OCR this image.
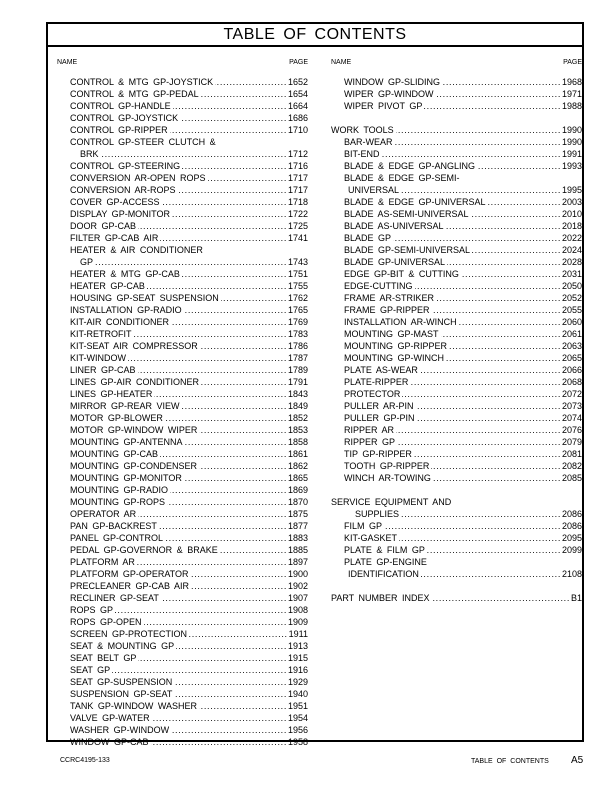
TABLE OF CONTENTS
NAME	PAGE
CONTROL & MTG GP-JOYSTICK . . .	1652
CONTROL & MTG GP-PEDAL . . .	1654
CONTROL GP-HANDLE . . .	1664
CONTROL GP-JOYSTICK . . .	1686
CONTROL GP-RIPPER . . .	1710
CONTROL GP-STEER CLUTCH &
BRK . . .	1712
CONTROL GP-STEERING . . .	1716
CONVERSION AR-OPEN ROPS . . .	1717
CONVERSION AR-ROPS . . .	1717
COVER GP-ACCESS . . .	1718
DISPLAY GP-MONITOR . . .	1722
DOOR GP-CAB . . .	1725
FILTER GP-CAB AIR . . .	1741
HEATER & AIR CONDITIONER
GP . . .	1743
HEATER & MTG GP-CAB . . .	1751
HEATER GP-CAB . . .	1755
HOUSING GP-SEAT SUSPENSION . . .	1762
INSTALLATION GP-RADIO . . .	1765
KIT-AIR CONDITIONER . . .	1769
KIT-RETROFIT . . .	1783
KIT-SEAT AIR COMPRESSOR . . .	1786
KIT-WINDOW . . .	1787
LINER GP-CAB . . .	1789
LINES GP-AIR CONDITIONER . . .	1791
LINES GP-HEATER . . .	1843
MIRROR GP-REAR VIEW . . .	1849
MOTOR GP-BLOWER . . .	1852
MOTOR GP-WINDOW WIPER . . .	1853
MOUNTING GP-ANTENNA . . .	1858
MOUNTING GP-CAB . . .	1861
MOUNTING GP-CONDENSER . . .	1862
MOUNTING GP-MONITOR . . .	1865
MOUNTING GP-RADIO . . .	1869
MOUNTING GP-ROPS . . .	1870
OPERATOR AR . . .	1875
PAN GP-BACKREST . . .	1877
PANEL GP-CONTROL . . .	1883
PEDAL GP-GOVERNOR & BRAKE . . .	1885
PLATFORM AR . . .	1897
PLATFORM GP-OPERATOR . . .	1900
PRECLEANER GP-CAB AIR . . .	1902
RECLINER GP-SEAT . . .	1907
ROPS GP . . .	1908
ROPS GP-OPEN . . .	1909
SCREEN GP-PROTECTION . . .	1911
SEAT & MOUNTING GP . . .	1913
SEAT BELT GP . . .	1915
SEAT GP . . .	1916
SEAT GP-SUSPENSION . . .	1929
SUSPENSION GP-SEAT . . .	1940
TANK GP-WINDOW WASHER . . .	1951
VALVE GP-WATER . . .	1954
WASHER GP-WINDOW . . .	1956
WINDOW GP-CAB . . .	1958
NAME	PAGE
WINDOW GP-SLIDING . . .	1968
WIPER GP-WINDOW . . .	1971
WIPER PIVOT GP . . .	1988
WORK TOOLS . . .	1990
BAR-WEAR . . .	1990
BIT-END . . .	1991
BLADE & EDGE GP-ANGLING . . .	1993
BLADE & EDGE GP-SEMI-
UNIVERSAL . . .	1995
BLADE & EDGE GP-UNIVERSAL . . .	2003
BLADE AS-SEMI-UNIVERSAL . . .	2010
BLADE AS-UNIVERSAL . . .	2018
BLADE GP . . .	2022
BLADE GP-SEMI-UNIVERSAL . . .	2024
BLADE GP-UNIVERSAL . . .	2028
EDGE GP-BIT & CUTTING . . .	2031
EDGE-CUTTING . . .	2050
FRAME AR-STRIKER . . .	2052
FRAME GP-RIPPER . . .	2055
INSTALLATION AR-WINCH . . .	2060
MOUNTING GP-MAST . . .	2061
MOUNTING GP-RIPPER . . .	2063
MOUNTING GP-WINCH . . .	2065
PLATE AS-WEAR . . .	2066
PLATE-RIPPER . . .	2068
PROTECTOR . . .	2072
PULLER AR-PIN . . .	2073
PULLER GP-PIN . . .	2074
RIPPER AR . . .	2076
RIPPER GP . . .	2079
TIP GP-RIPPER . . .	2081
TOOTH GP-RIPPER . . .	2082
WINCH AR-TOWING . . .	2085
SERVICE EQUIPMENT AND
SUPPLIES . . .	2086
FILM GP . . .	2086
KIT-GASKET . . .	2095
PLATE & FILM GP . . .	2099
PLATE GP-ENGINE
IDENTIFICATION . . .	2108
PART NUMBER INDEX . . .	B1
CCRC4195-133	TABLE OF CONTENTS A5
